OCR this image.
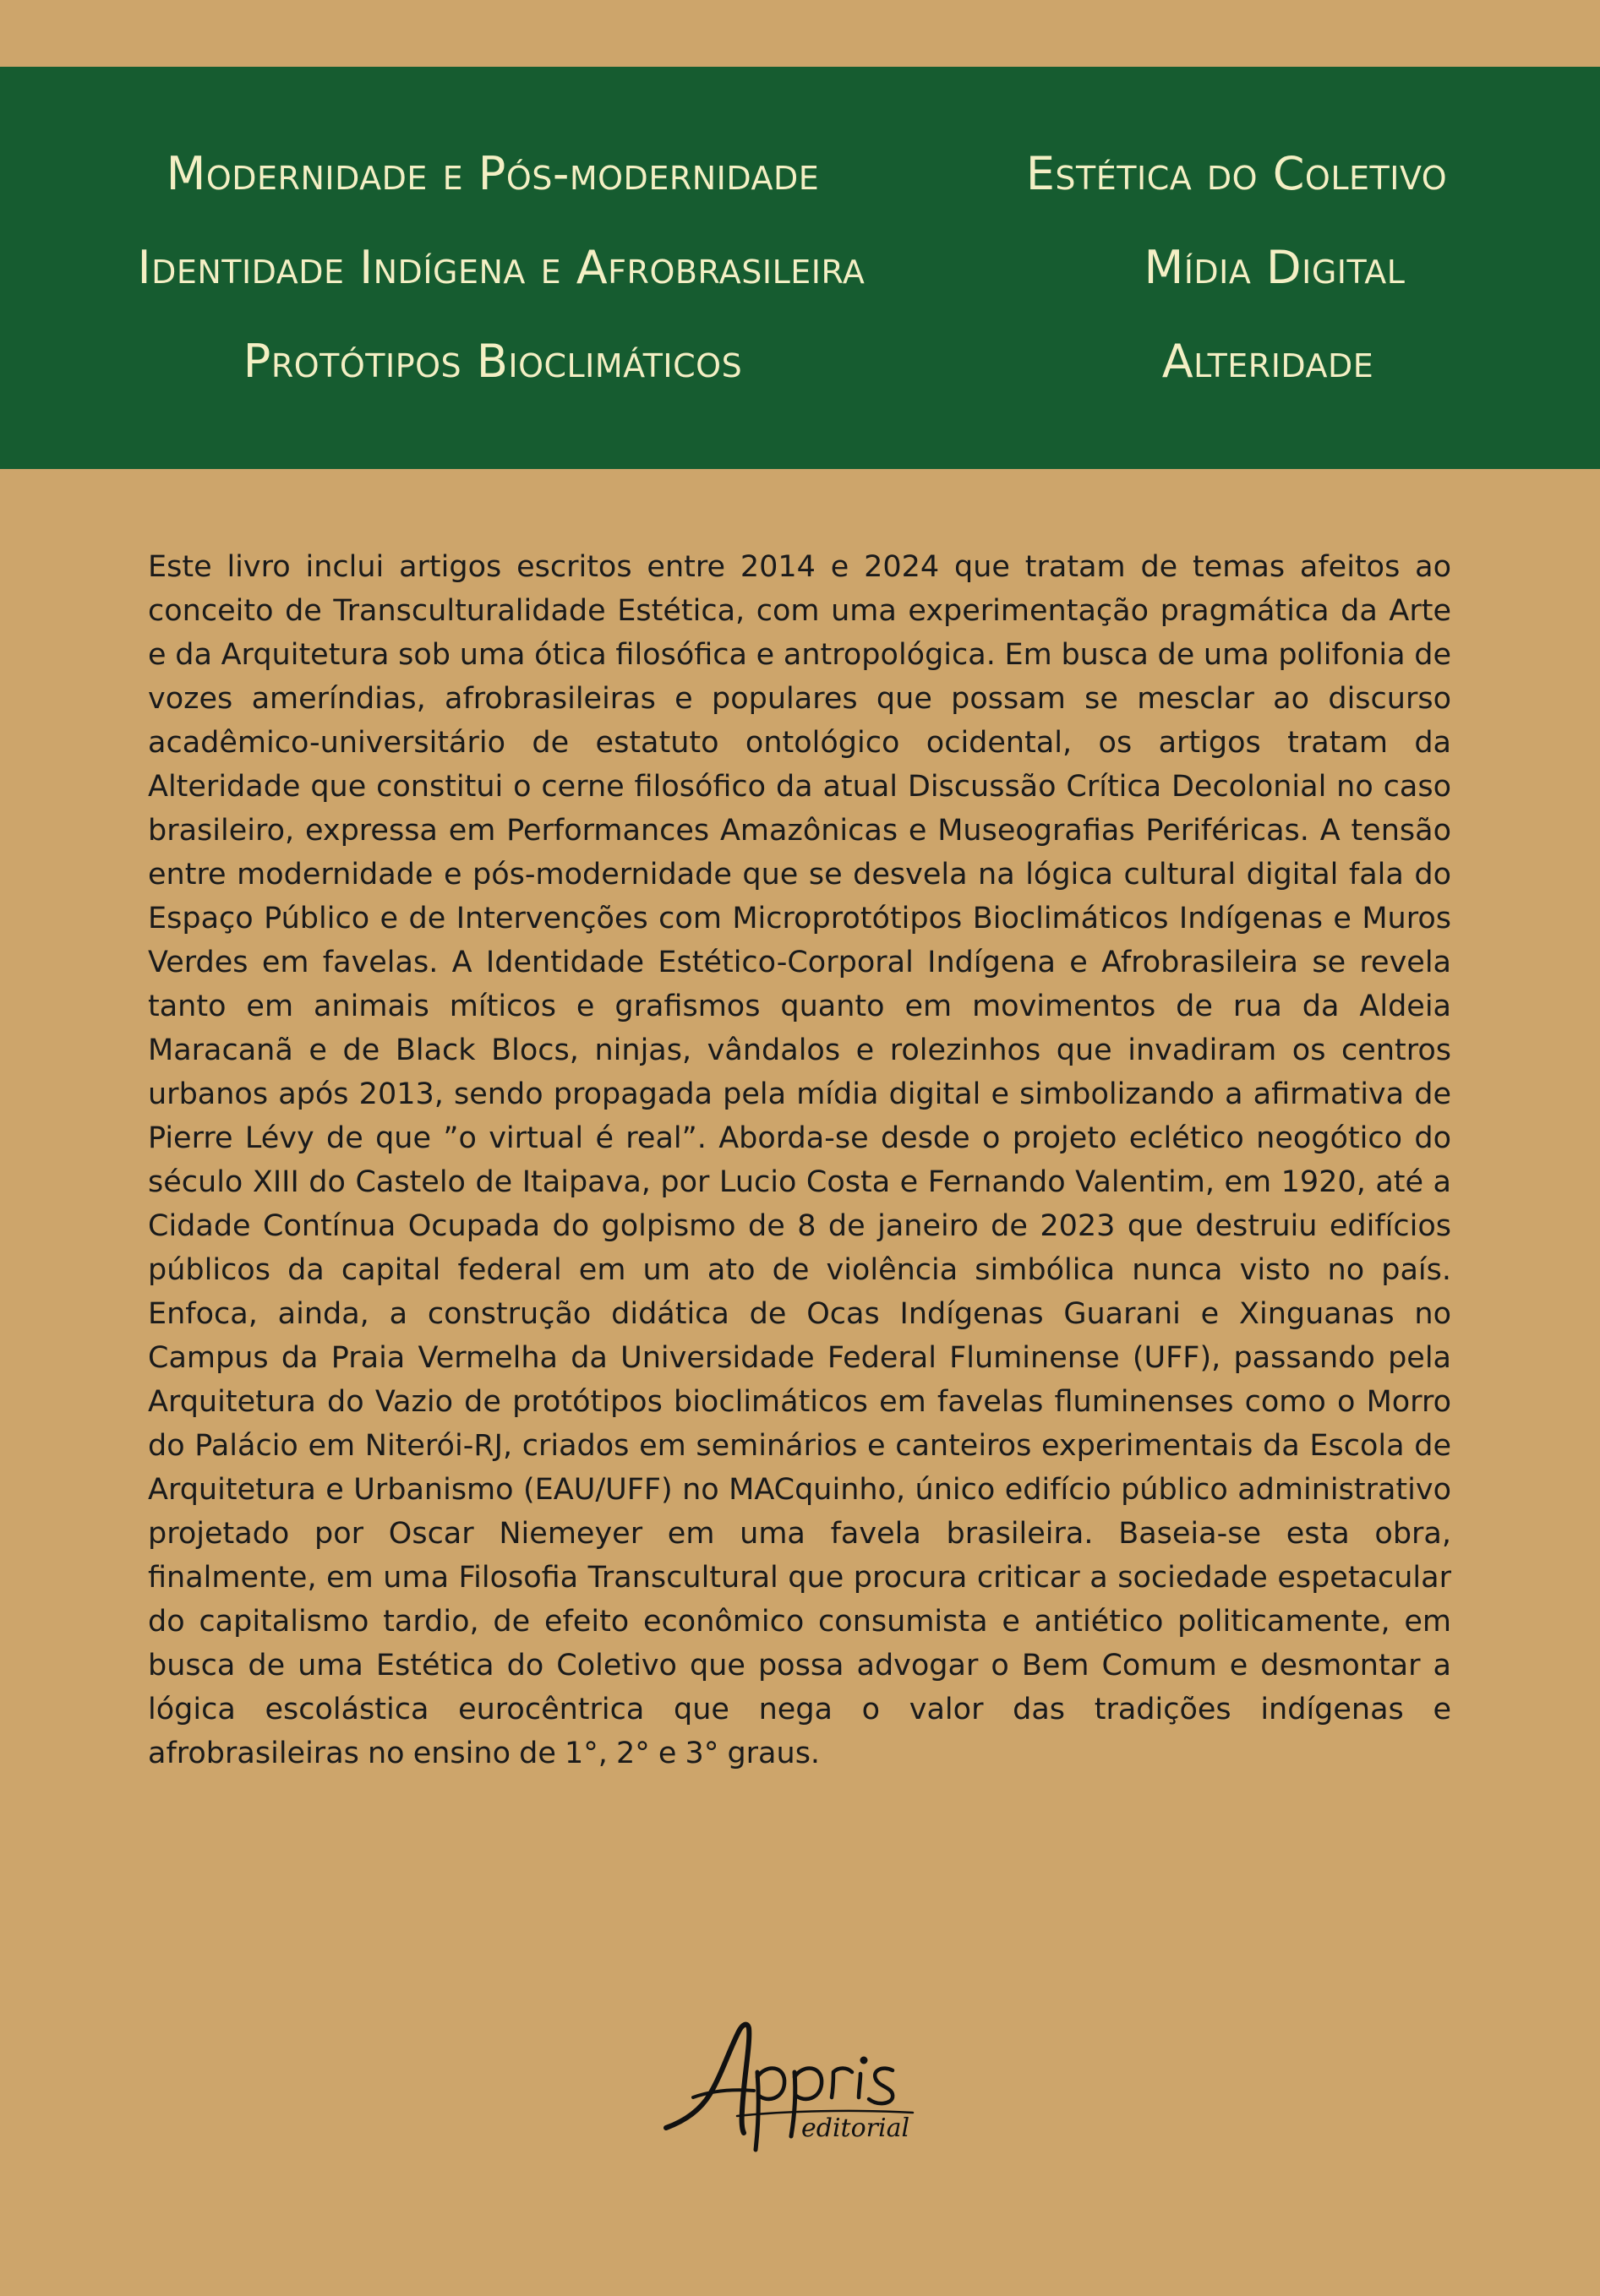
Modernidade e Pós-modernidade
Identidade Indígena e Afrobrasileira
Protótipos Bioclimáticos
Estética do Coletivo
Mídia Digital
Alteridade

Este livro inclui artigos escritos entre 2014 e 2024 que tratam de temas afeitos ao conceito de Transculturalidade Estética, com uma experimentação pragmática da Arte e da Arquitetura sob uma ótica filosófica e antropológica. Em busca de uma polifonia de vozes ameríndias, afrobrasileiras e populares que possam se mesclar ao discurso acadêmico-universitário de estatuto ontológico ocidental, os artigos tratam da Alteridade que constitui o cerne filosófico da atual Discussão Crítica Decolonial no caso brasileiro, expressa em Performances Amazônicas e Museografias Periféricas. A tensão entre modernidade e pós-modernidade que se desvela na lógica cultural digital fala do Espaço Público e de Intervenções com Microprotótipos Bioclimáticos Indígenas e Muros Verdes em favelas. A Identidade Estético-Corporal Indígena e Afrobrasileira se revela tanto em animais míticos e grafismos quanto em movimentos de rua da Aldeia Maracanã e de Black Blocs, ninjas, vândalos e rolezinhos que invadiram os centros urbanos após 2013, sendo propagada pela mídia digital e simbolizando a afirmativa de Pierre Lévy de que ”o virtual é real”. Aborda-se desde o projeto eclético neogótico do século XIII do Castelo de Itaipava, por Lucio Costa e Fernando Valentim, em 1920, até a Cidade Contínua Ocupada do golpismo de 8 de janeiro de 2023 que destruiu edifícios públicos da capital federal em um ato de violência simbólica nunca visto no país. Enfoca, ainda, a construção didática de Ocas Indígenas Guarani e Xinguanas no Campus da Praia Vermelha da Universidade Federal Fluminense (UFF), passando pela Arquitetura do Vazio de protótipos bioclimáticos em favelas fluminenses como o Morro do Palácio em Niterói-RJ, criados em seminários e canteiros experimentais da Escola de Arquitetura e Urbanismo (EAU/UFF) no MACquinho, único edifício público administrativo projetado por Oscar Niemeyer em uma favela brasileira. Baseia-se esta obra, finalmente, em uma Filosofia Transcultural que procura criticar a sociedade espetacular do capitalismo tardio, de efeito econômico consumista e antiético politicamente, em busca de uma Estética do Coletivo que possa advogar o Bem Comum e desmontar a lógica escolástica eurocêntrica que nega o valor das tradições indígenas e afrobrasileiras no ensino de 1°, 2° e 3° graus.

editorial
